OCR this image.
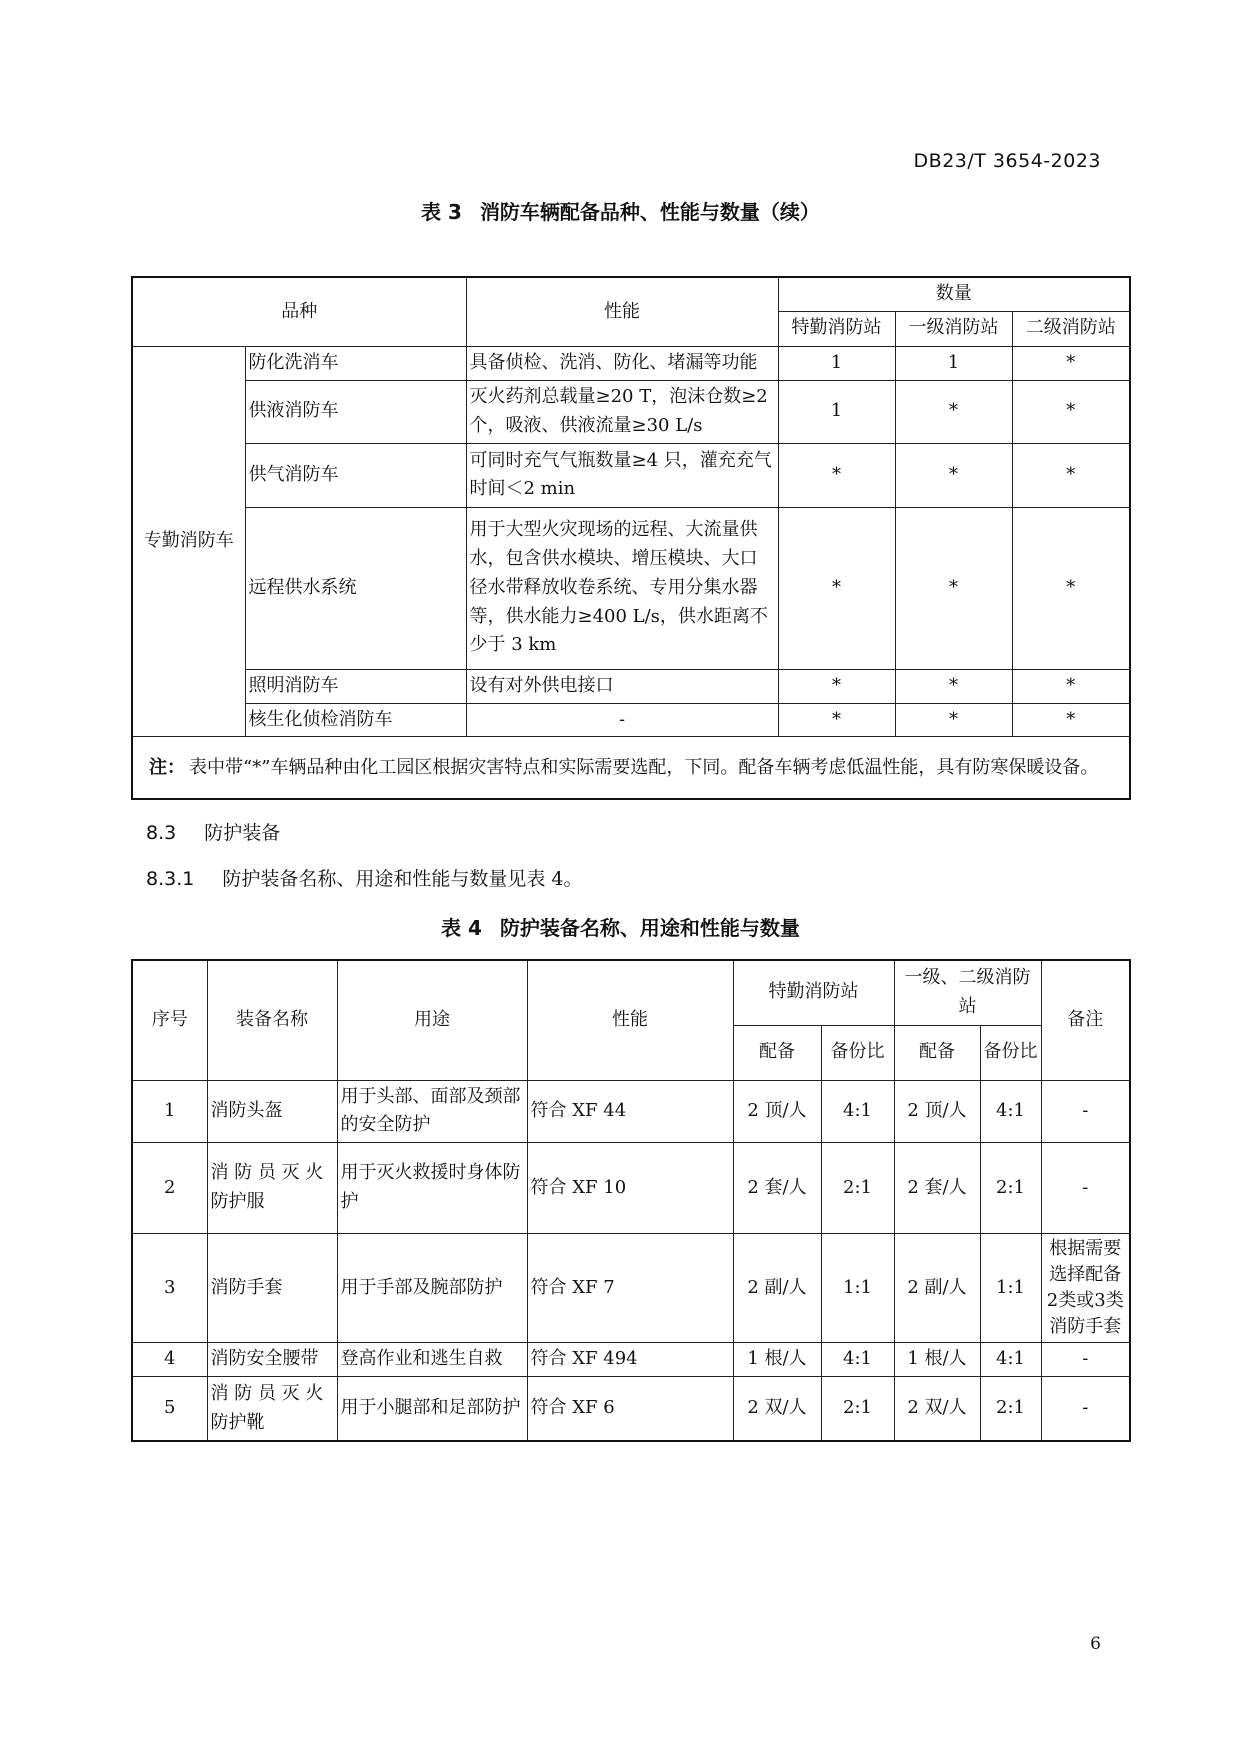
DB23/T 3654-2023
表 3 消防车辆配备品种、性能与数量（续）
品种		性能	数量		
			特勤消防站	一级消防站	二级消防站
专勤消防车	防化洗消车	具备侦检、洗消、防化、堵漏等功能	1	1	*
	供液消防车	灭火药剂总载量≥20 T，泡沫仓数≥2 个，吸液、供液流量≥30 L/s	1	*	*
	供气消防车	可同时充气气瓶数量≥4 只，灌充充气时间＜2 min	*	*	*
	远程供水系统	用于大型火灾现场的远程、大流量供水，包含供水模块、增压模块、大口径水带释放收卷系统、专用分集水器等，供水能力≥400 L/s，供水距离不少于 3 km	*	*	*
	照明消防车	设有对外供电接口	*	*	*
	核生化侦检消防车	-	*	*	*
注： 表中带“*”车辆品种由化工园区根据灾害特点和实际需要选配，下同。配备车辆考虑低温性能，具有防寒保暖设备。					
8.3 防护装备
8.3.1 防护装备名称、用途和性能与数量见表 4。
表 4 防护装备名称、用途和性能与数量
序号	装备名称	用途	性能	特勤消防站		一级、二级消防站		备注
				配备	备份比	配备	备份比	
1	消防头盔	用于头部、面部及颈部的安全防护	符合 XF 44	2 顶/人	4:1	2 顶/人	4:1	-
2	消 防 员 灭 火 防护服	用于灭火救援时身体防护	符合 XF 10	2 套/人	2:1	2 套/人	2:1	-
3	消防手套	用于手部及腕部防护	符合 XF 7	2 副/人	1:1	2 副/人	1:1	根据需要选择配备 2类或3类消防手套
4	消防安全腰带	登高作业和逃生自救	符合 XF 494	1 根/人	4:1	1 根/人	4:1	-
5	消 防 员 灭 火 防护靴	用于小腿部和足部防护	符合 XF 6	2 双/人	2:1	2 双/人	2:1	-
6
